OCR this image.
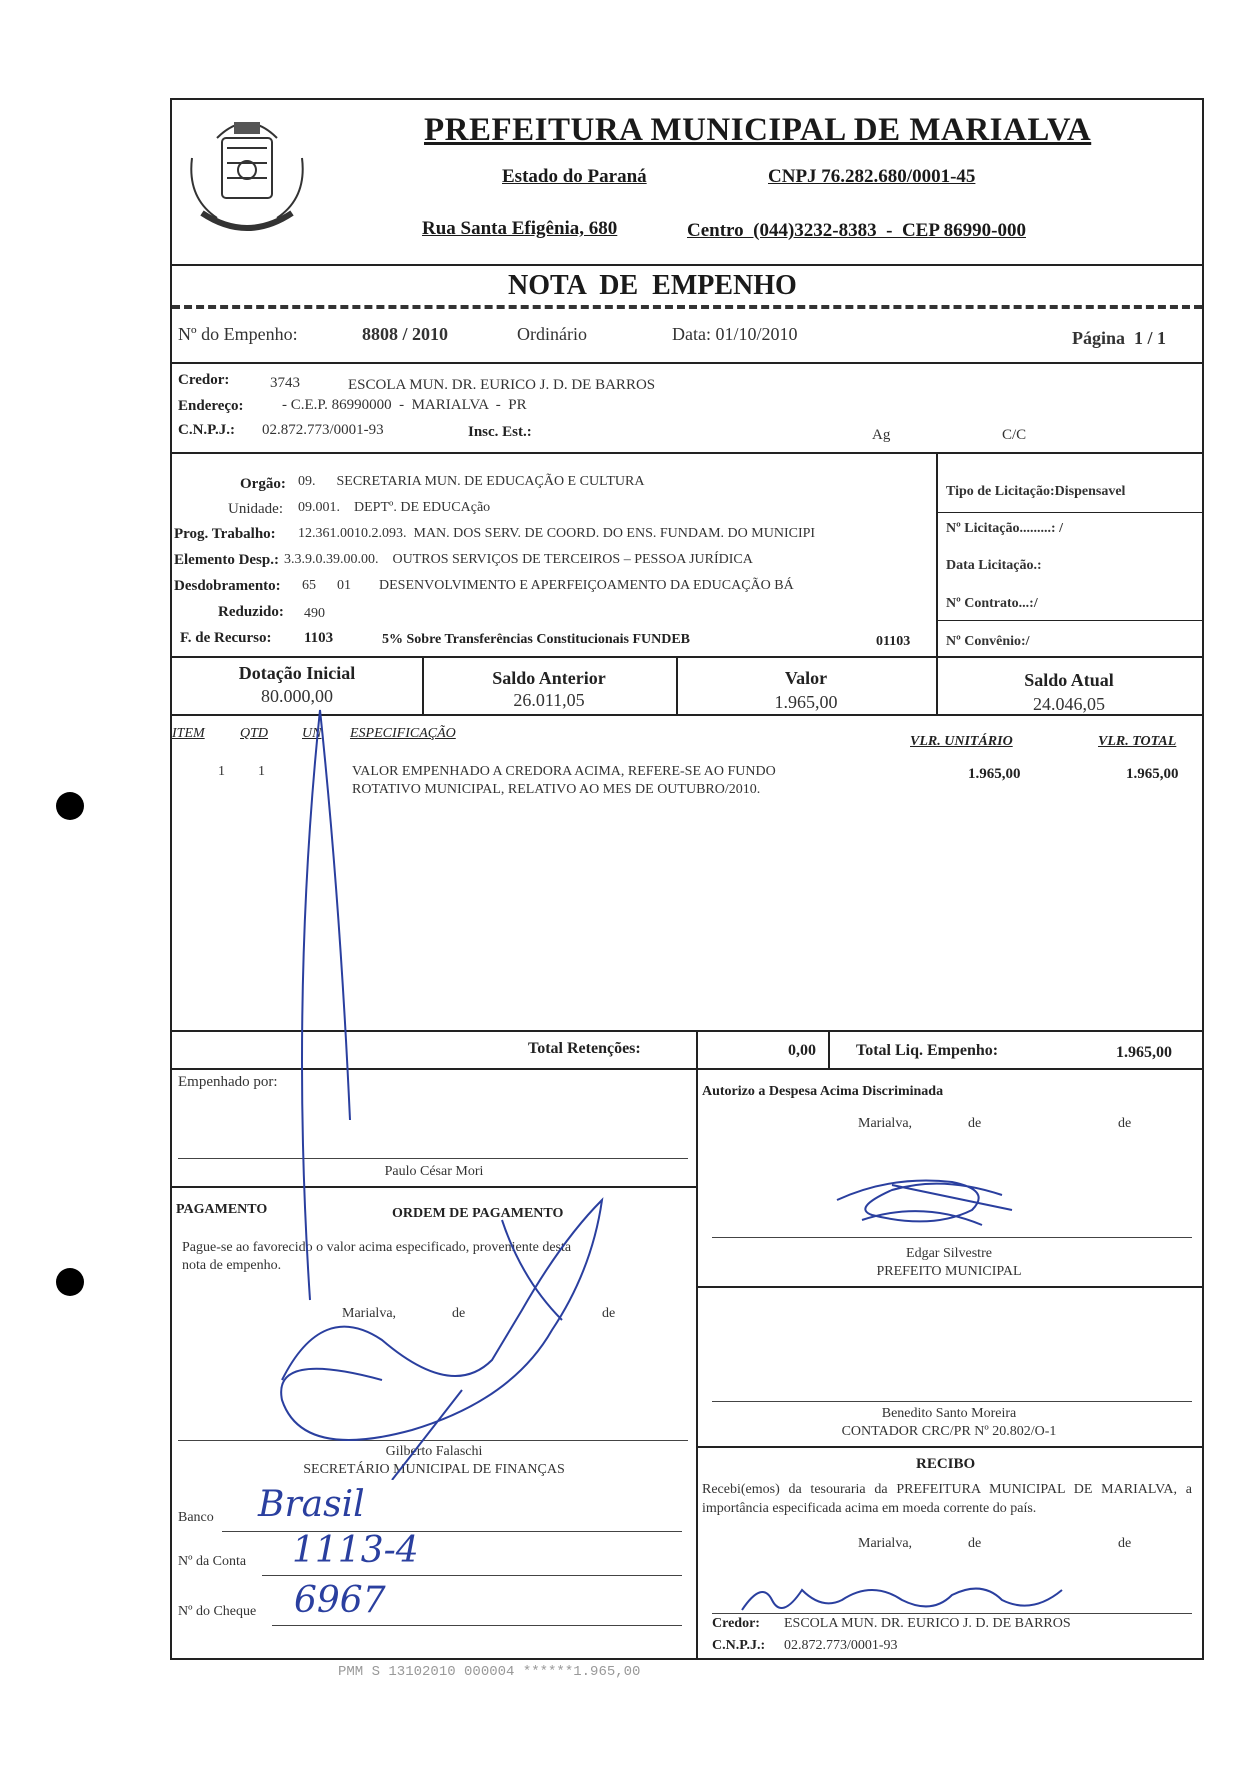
PREFEITURA MUNICIPAL DE MARIALVA
Estado do Paraná	CNPJ 76.282.680/0001-45
Rua Santa Efigênia, 680	Centro  (044)3232-8383  -  CEP 86990-000
NOTA  DE  EMPENHO
Nº do Empenho:	8808 / 2010	Ordinário	Data: 01/10/2010	Página  1 / 1
Credor:	3743	ESCOLA MUN. DR. EURICO J. D. DE BARROS
Endereço:	- C.E.P. 86990000  -  MARIALVA  -  PR
C.N.P.J.: 02.872.773/0001-93	Insc. Est.:	Ag	C/C
Orgão: 09.      SECRETARIA MUN. DE EDUCAÇÃO E CULTURA
Unidade: 09.001.    DEPTº. DE EDUCAção
Prog. Trabalho: 12.361.0010.2.093.  MAN. DOS SERV. DE COORD. DO ENS. FUNDAM. DO MUNICIPI
Elemento Desp.: 3.3.9.0.39.00.00.    OUTROS SERVIÇOS DE TERCEIROS – PESSOA JURÍDICA
Desdobramento: 65      01        DESENVOLVIMENTO E APERFEIÇOAMENTO DA EDUCAÇÃO BÁ
Reduzido: 490
F. de Recurso: 1103	5% Sobre Transferências Constitucionais FUNDEB	01103
Tipo de Licitação:Dispensavel
Nº Licitação.........: /
Data Licitação.:
Nº Contrato...:/
Nº Convênio:/
Dotação Inicial
80.000,00
Saldo Anterior
26.011,05
Valor
1.965,00
Saldo Atual
24.046,05
ITEM	QTD UN ESPECIFICAÇÃO
VLR. UNITÁRIO	VLR. TOTAL
1 1	VALOR EMPENHADO A CREDORA ACIMA, REFERE-SE AO FUNDO
ROTATIVO MUNICIPAL, RELATIVO AO MES DE OUTUBRO/2010.
1.965,00	1.965,00
Total Retenções:	0,00	Total Liq. Empenho:	1.965,00
Empenhado por:
Paulo César Mori
Autorizo a Despesa Acima Discriminada
Marialva,	de	de
Edgar Silvestre
PREFEITO MUNICIPAL
Benedito Santo Moreira
CONTADOR CRC/PR Nº 20.802/O-1
PAGAMENTO	ORDEM DE PAGAMENTO
Pague-se ao favorecido o valor acima especificado, proveniente desta
nota de empenho.
Marialva,	de	de
Gilberto Falaschi
SECRETÁRIO MUNICIPAL DE FINANÇAS
Banco Brasil
Nº da Conta 1113-4
Nº do Cheque 6967
RECIBO
Recebi(emos) da tesouraria da PREFEITURA MUNICIPAL DE MARIALVA, a importância especificada acima em moeda corrente do país.
Marialva,	de	de
Credor: ESCOLA MUN. DR. EURICO J. D. DE BARROS
C.N.P.J.: 02.872.773/0001-93
PMM S 13102010 000004 ******1.965,00
